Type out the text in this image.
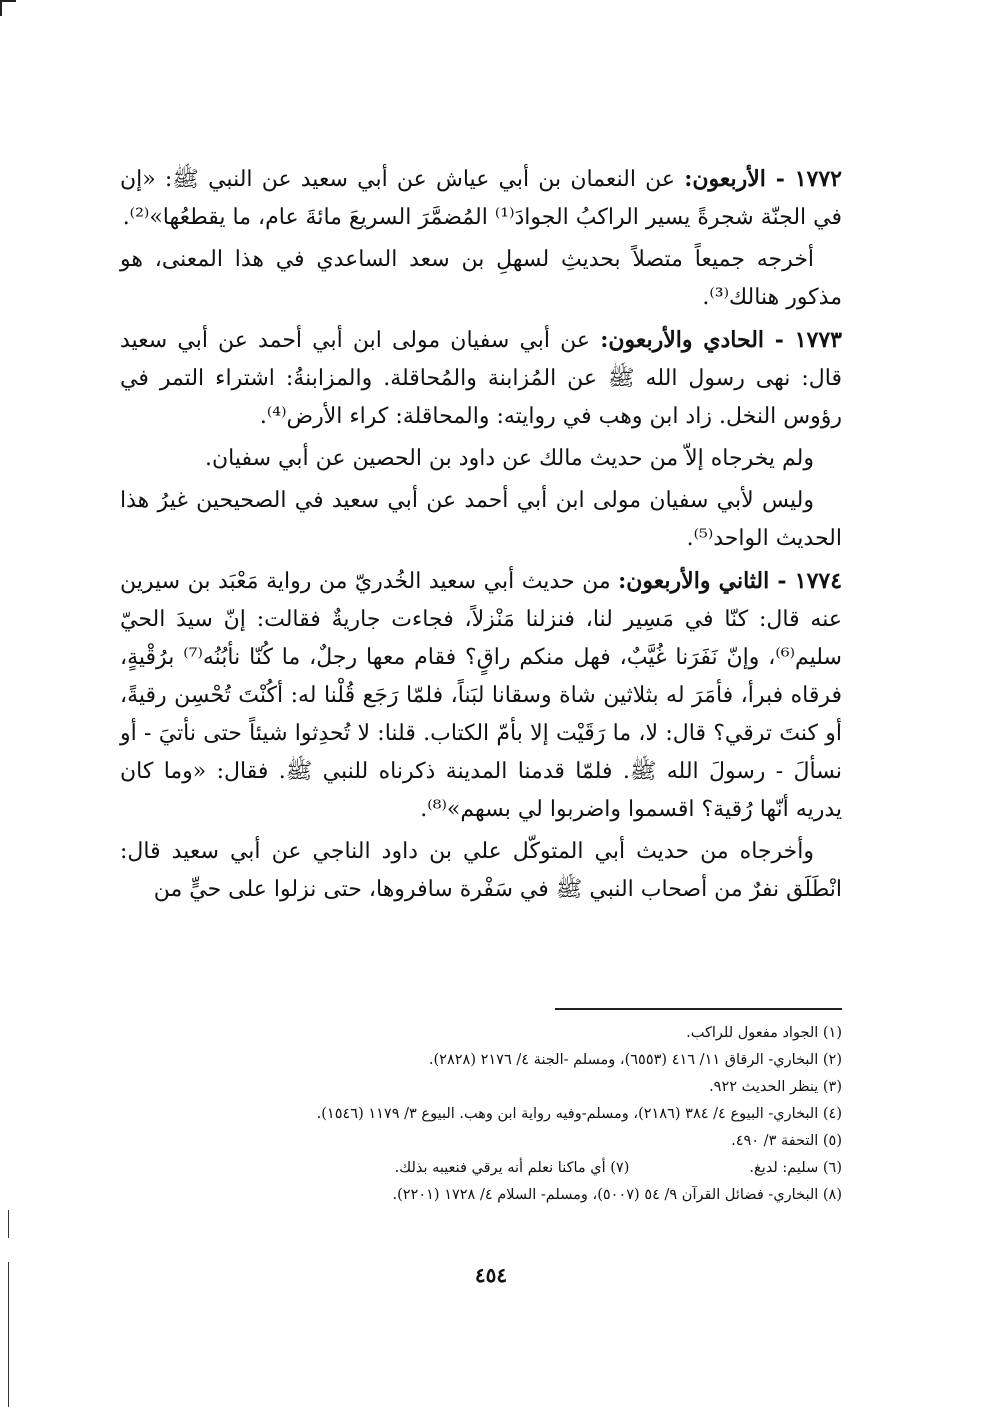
١٧٧٢ - الأربعون: عن النعمان بن أبي عياش عن أبي سعيد عن النبي ﷺ: «إن في الجنّة شجرةً يسير الراكبُ الجوادَ⁽¹⁾ المُضمَّرَ السريعَ مائةَ عام، ما يقطعُها»⁽²⁾.

أخرجه جميعاً متصلاً بحديثِ لسهلِ بن سعد الساعدي في هذا المعنى، هو مذكور هنالك⁽³⁾.

١٧٧٣ - الحادي والأربعون: عن أبي سفيان مولى ابن أبي أحمد عن أبي سعيد قال: نهى رسول الله ﷺ عن المُزابنة والمُحاقلة. والمزابنةُ: اشتراء التمر في رؤوس النخل. زاد ابن وهب في روايته: والمحاقلة: كراء الأرض⁽⁴⁾.

ولم يخرجاه إلاّ من حديث مالك عن داود بن الحصين عن أبي سفيان.

وليس لأبي سفيان مولى ابن أبي أحمد عن أبي سعيد في الصحيحين غيرُ هذا الحديث الواحد⁽⁵⁾.

١٧٧٤ - الثاني والأربعون: من حديث أبي سعيد الخُدريّ من رواية مَعْبَد بن سيرين عنه قال: كنّا في مَسِير لنا، فنزلنا مَنْزلاً، فجاءت جاريةٌ فقالت: إنّ سيدَ الحيّ سليم⁽⁶⁾، وإنّ نَفَرَنا غُيَّبٌ، فهل منكم راقٍ؟ فقام معها رجلٌ، ما كُنّا نأبُنُه⁽⁷⁾ برُقْيةٍ، فرقاه فبرأ، فأمَرَ له بثلاثين شاة وسقانا لبَناً، فلمّا رَجَع قُلْنا له: أكُنْتَ تُحْسِن رقيةً، أو كنتَ ترقي؟ قال: لا، ما رَقَيْت إلا بأمّ الكتاب. قلنا: لا تُحدِثوا شيئاً حتى نأتيَ - أو نسألَ - رسولَ الله ﷺ. فلمّا قدمنا المدينة ذكرناه للنبي ﷺ. فقال: «وما كان يدريه أنّها رُقية؟ اقسموا واضربوا لي بسهم»⁽⁸⁾.

وأخرجاه من حديث أبي المتوكّل علي بن داود الناجي عن أبي سعيد قال: انْطَلَق نفرٌ من أصحاب النبي ﷺ في سَفْرة سافروها، حتى نزلوا على حيٍّ من

(١) الجواد مفعول للراكب.

(٢) البخاري- الرقاق ١١/ ٤١٦ (٦٥٥٣)، ومسلم -الجنة ٤/ ٢١٧٦ (٢٨٢٨).

(٣) ينظر الحديث ٩٢٢.

(٤) البخاري- البيوع ٤/ ٣٨٤ (٢١٨٦)، ومسلم-وفيه رواية ابن وهب. البيوع ٣/ ١١٧٩ (١٥٤٦).

(٥) التحفة ٣/ ٤٩٠.

(٦) سليم: لديغ.

(٧) أي ماكنا نعلم أنه يرقي فنعيبه بذلك.

(٨) البخاري- فضائل القرآن ٩/ ٥٤ (٥٠٠٧)، ومسلم- السلام ٤/ ١٧٢٨ (٢٢٠١).

٤٥٤
